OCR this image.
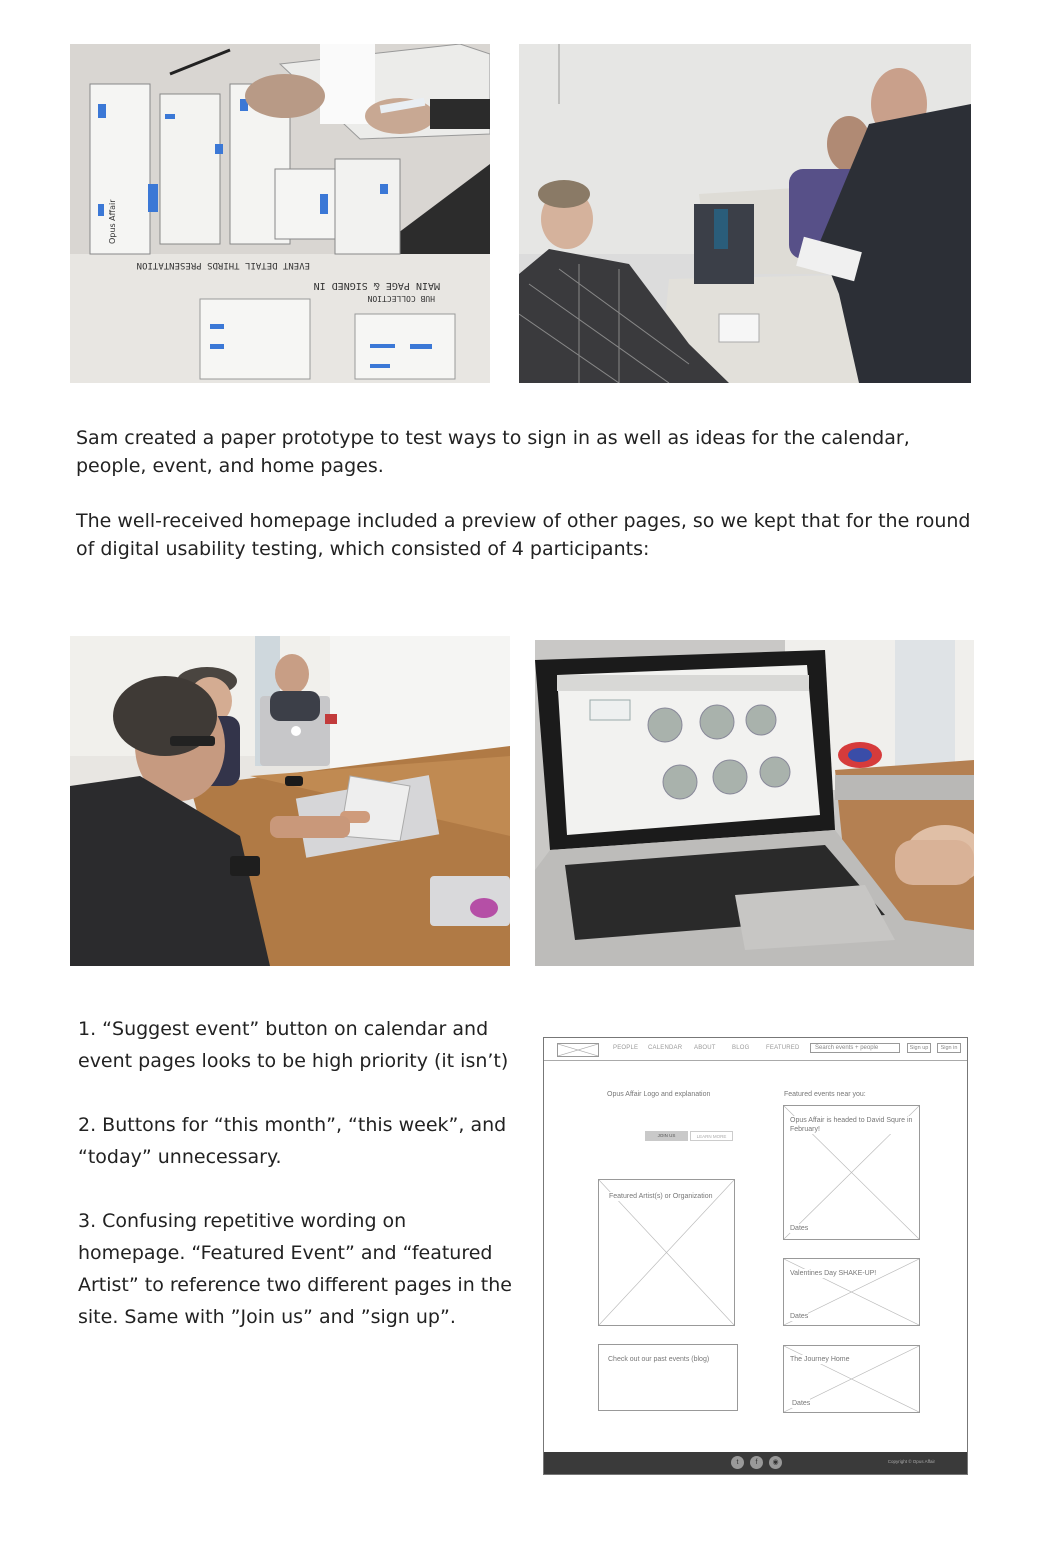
EVENT DETAIL THIRDS PRESENTATION
MAIN PAGE & SIGNED IN
HUB COLLECTION
Opus Affair

Sam created a paper prototype to test ways to sign in as well as ideas for the calendar, people, event, and home pages.

The well-received homepage included a preview of other pages, so we kept that for the round of digital usability testing, which consisted of 4 participants:

1. “Suggest event” button on calendar and event pages looks to be high priority (it isn’t)

2. Buttons for “this month”, “this week”, and “today” unnecessary.

3. Confusing repetitive wording on homepage. “Featured Event” and “featured Artist” to reference two different pages in the site. Same with ”Join us” and ”sign up”.

PEOPLE CALENDAR ABOUT	BLOG	FEATURED	Search events + people	Sign up	Sign in
Opus Affair Logo and explanation
JOIN US	LEARN MORE
Featured Artist(s) or Organization
Check out our past events (blog)
Featured events near you:
Opus Affair is headed to David Squre in February!
Dates
Valentines Day SHAKE-UP!
Dates
The Journey Home
Dates
t	f	◉	Copyright © Opus Affair
